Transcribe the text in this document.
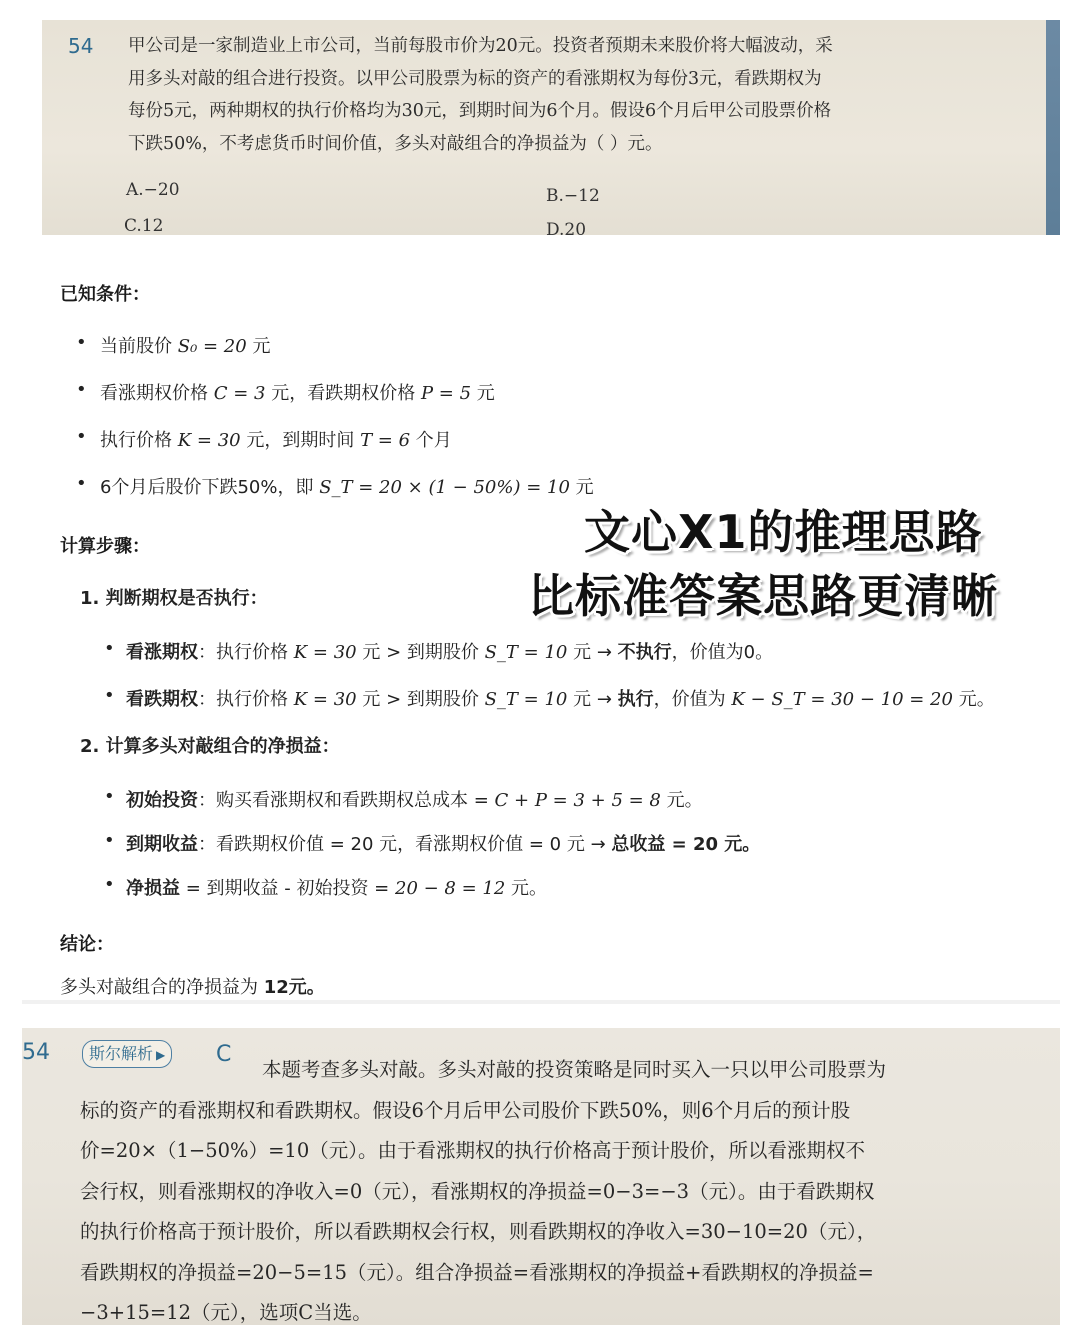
54 甲公司是一家制造业上市公司，当前每股市价为20元。投资者预期未来股价将大幅波动，采
用多头对敲的组合进行投资。以甲公司股票为标的资产的看涨期权为每份3元，看跌期权为
每份5元，两种期权的执行价格均为30元，到期时间为6个月。假设6个月后甲公司股票价格
下跌50%，不考虑货币时间价值，多头对敲组合的净损益为（ ）元。
A.−20	B.−12
C.12	D.20
已知条件：
• 当前股价 S₀ = 20 元
• 看涨期权价格 C = 3 元，看跌期权价格 P = 5 元
• 执行价格 K = 30 元，到期时间 T = 6 个月
• 6个月后股价下跌50%，即 S_T = 20 × (1 − 50%) = 10 元
计算步骤：
1. 判断期权是否执行：
• 看涨期权：执行价格 K = 30 元 > 到期股价 S_T = 10 元 → 不执行，价值为0。
• 看跌期权：执行价格 K = 30 元 > 到期股价 S_T = 10 元 → 执行，价值为 K − S_T = 30 − 10 = 20 元。
2. 计算多头对敲组合的净损益：
• 初始投资：购买看涨期权和看跌期权总成本 = C + P = 3 + 5 = 8 元。
• 到期收益：看跌期权价值 = 20 元，看涨期权价值 = 0 元 → 总收益 = 20 元。
• 净损益 = 到期收益 - 初始投资 = 20 − 8 = 12 元。
结论：
多头对敲组合的净损益为 12元。
文心X1的推理思路
比标准答案思路更清晰
54	斯尔解析 ▶	C
本题考查多头对敲。多头对敲的投资策略是同时买入一只以甲公司股票为
标的资产的看涨期权和看跌期权。假设6个月后甲公司股价下跌50%，则6个月后的预计股
价=20×（1−50%）=10（元）。由于看涨期权的执行价格高于预计股价，所以看涨期权不
会行权，则看涨期权的净收入=0（元），看涨期权的净损益=0−3=−3（元）。由于看跌期权
的执行价格高于预计股价，所以看跌期权会行权，则看跌期权的净收入=30−10=20（元），
看跌期权的净损益=20−5=15（元）。组合净损益=看涨期权的净损益+看跌期权的净损益=
−3+15=12（元），选项C当选。
